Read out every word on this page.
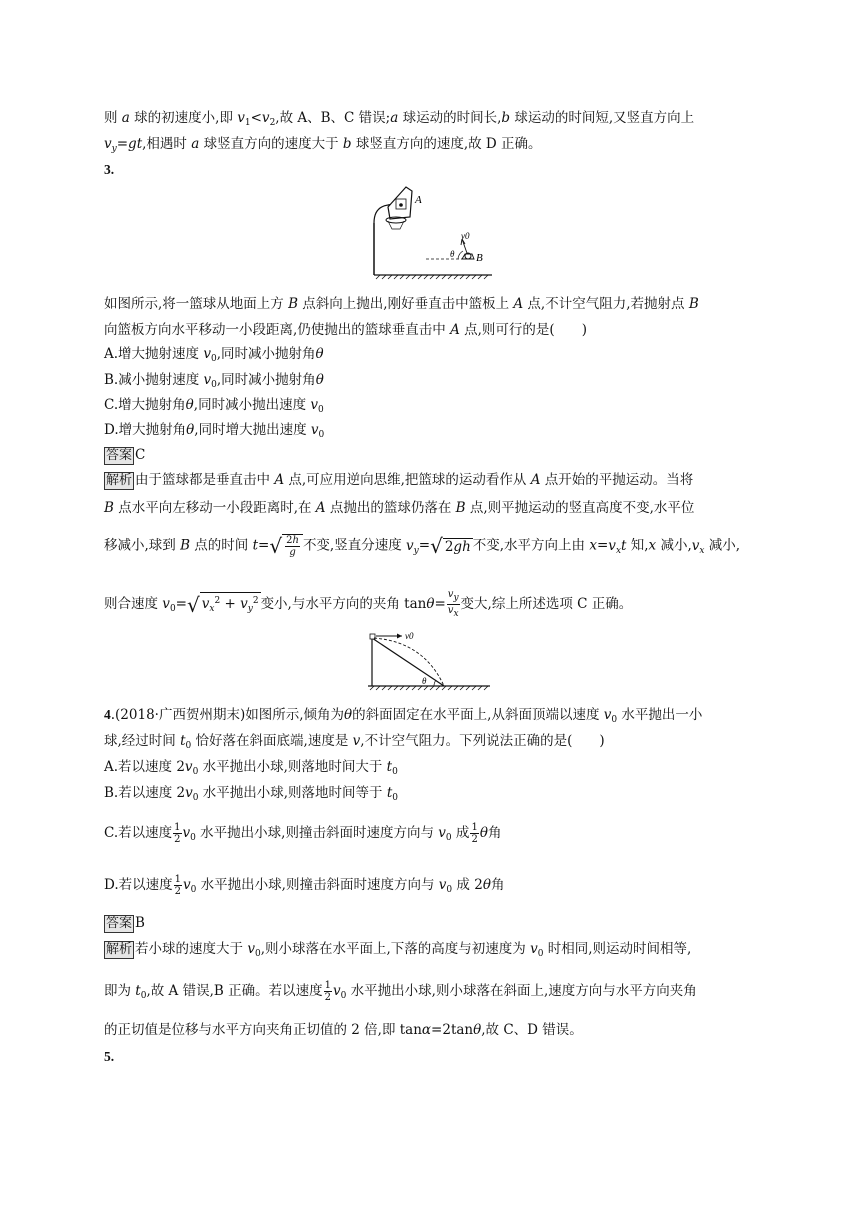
则 a 球的初速度小,即 $v_1<v_2$,故 A、B、C 错误;a 球运动的时间长,b 球运动的时间短,又竖直方向上
$v_y=gt$,相遇时 a 球竖直方向的速度大于 b 球竖直方向的速度,故 D 正确。
3.
A
B
v0
θ
如图所示,将一篮球从地面上方 B 点斜向上抛出,刚好垂直击中篮板上 A 点,不计空气阻力,若抛射点 B
向篮板方向水平移动一小段距离,仍使抛出的篮球垂直击中 A 点,则可行的是(　　)
A.增大抛射速度 $v_0$,同时减小抛射角θ
B.减小抛射速度 $v_0$,同时减小抛射角θ
C.增大抛射角θ,同时减小抛出速度 $v_0$
D.增大抛射角θ,同时增大抛出速度 $v_0$
答案 C
解析 由于篮球都是垂直击中 A 点,可应用逆向思维,把篮球的运动看作从 A 点开始的平抛运动。当将
B 点水平向左移动一小段距离时,在 A 点抛出的篮球仍落在 B 点,则平抛运动的竖直高度不变,水平位
移减小,球到 B 点的时间 t= √ $\frac{2h}{g}$ 不变,竖直分速度 $v_y=$ √ 2gh 不变,水平方向上由 $x=v_xt$ 知,x 减小$,v_x$ 减小,
则合速度 $v_0=$ √ $v_x^2 + v_y^2$ 变小,与水平方向的夹角 $\tan\theta= \frac{v_y}{v_x}$ 变大,综上所述选项 C 正确。
v0
θ
4.(2018·广西贺州期末)如图所示,倾角为θ的斜面固定在水平面上,从斜面顶端以速度 $v_0$ 水平抛出一小
球,经过时间 $t_0$ 恰好落在斜面底端,速度是 v,不计空气阻力。下列说法正确的是(　　)
A.若以速度 $2v_0$ 水平抛出小球,则落地时间大于 $t_0$
B.若以速度 $2v_0$ 水平抛出小球,则落地时间等于 $t_0$
C.若以速度 $\frac{1}{2} v_0$ 水平抛出小球,则撞击斜面时速度方向与 $v_0$ 成 $\frac{1}{2}$ θ角
D.若以速度 $\frac{1}{2} v_0$ 水平抛出小球,则撞击斜面时速度方向与 $v_0$ 成 2θ角
答案 B
解析 若小球的速度大于 $v_0$,则小球落在水平面上,下落的高度与初速度为 $v_0$ 时相同,则运动时间相等,
即为 $t_0$,故 A 错误,B 正确。若以速度 $\frac{1}{2} v_0$ 水平抛出小球,则小球落在斜面上,速度方向与水平方向夹角
的正切值是位移与水平方向夹角正切值的 2 倍,即 tanα=2tanθ,故 C、D 错误。
5.
